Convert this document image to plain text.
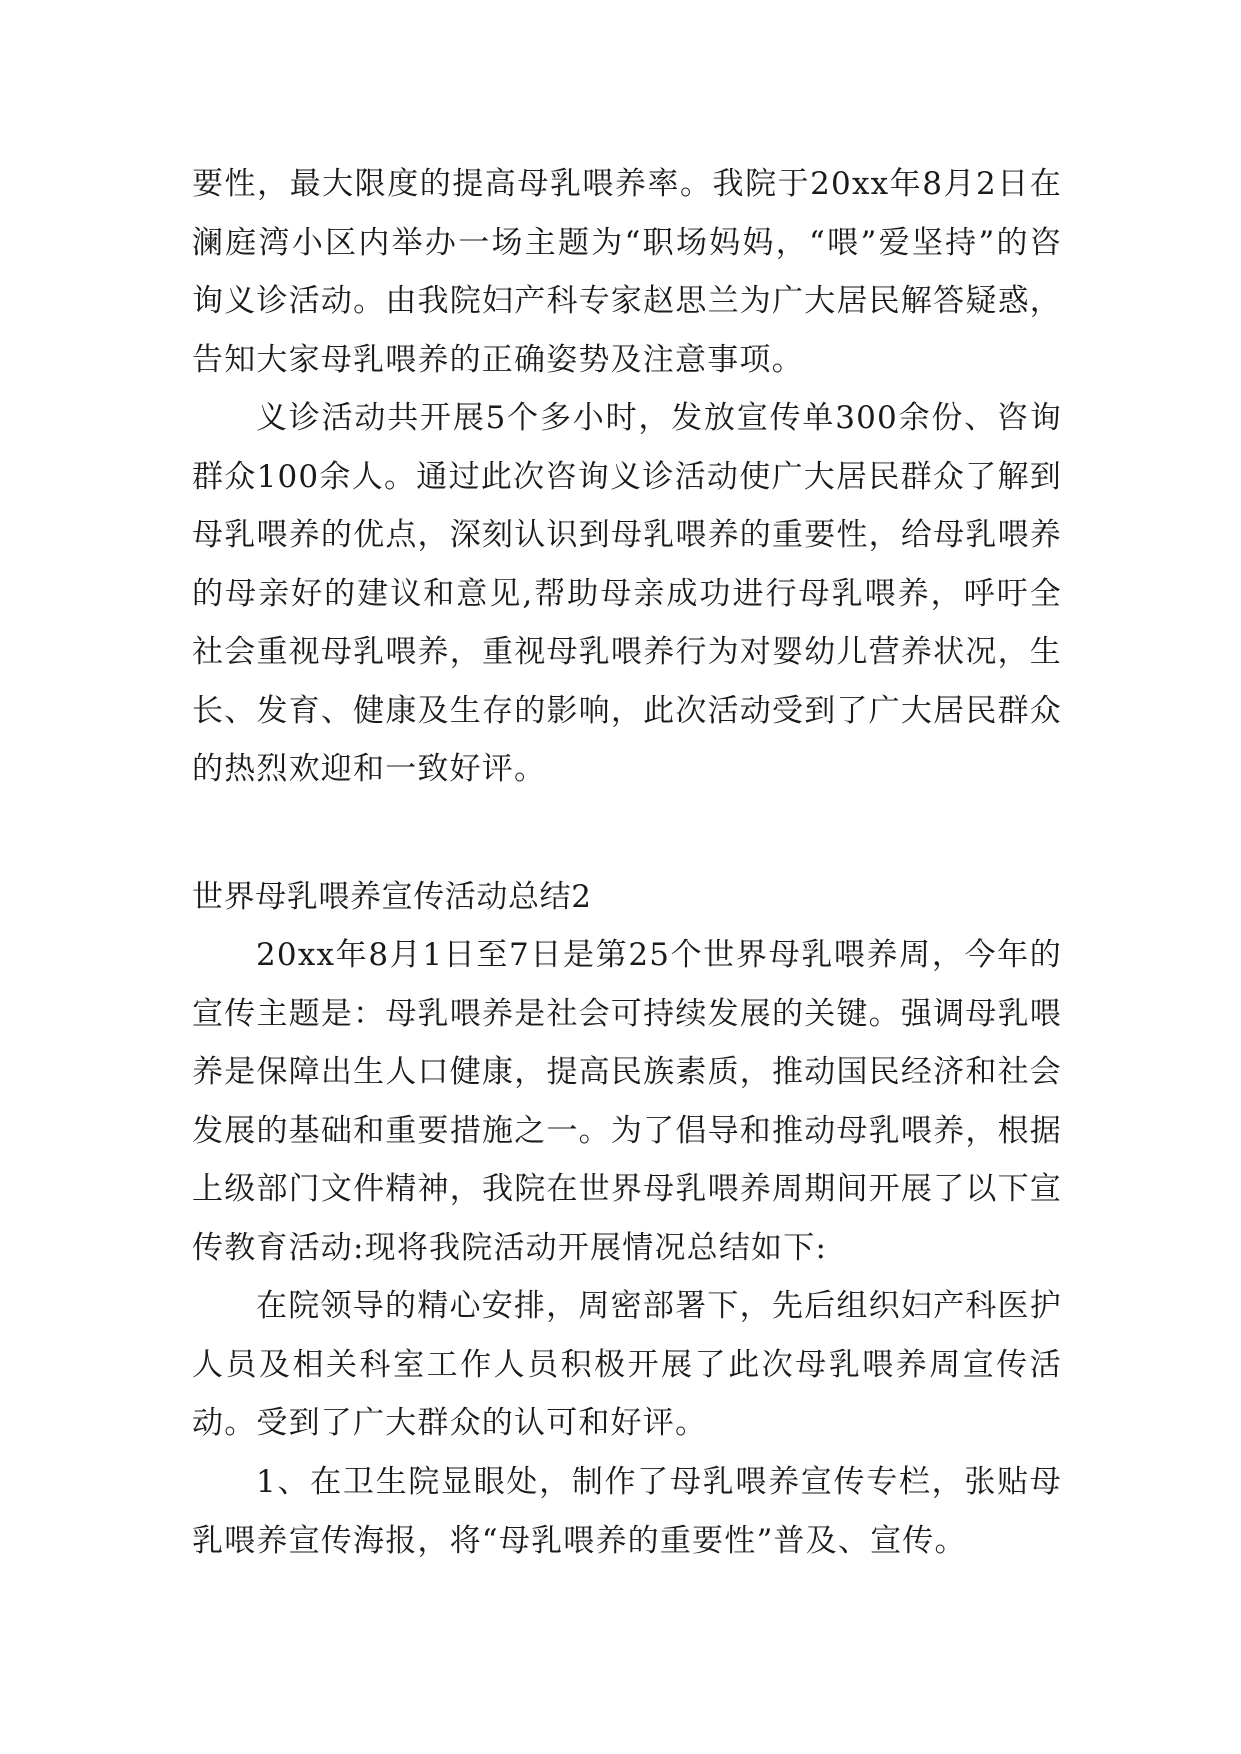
要性，最大限度的提高母乳喂养率。我院于20xx年8月2日在澜庭湾小区内举办一场主题为“职场妈妈，“喂”爱坚持”的咨询义诊活动。由我院妇产科专家赵思兰为广大居民解答疑惑，告知大家母乳喂养的正确姿势及注意事项。

义诊活动共开展5个多小时，发放宣传单300余份、咨询群众100余人。通过此次咨询义诊活动使广大居民群众了解到母乳喂养的优点，深刻认识到母乳喂养的重要性，给母乳喂养的母亲好的建议和意见,帮助母亲成功进行母乳喂养，呼吁全社会重视母乳喂养，重视母乳喂养行为对婴幼儿营养状况，生长、发育、健康及生存的影响，此次活动受到了广大居民群众的热烈欢迎和一致好评。

世界母乳喂养宣传活动总结2

20xx年8月1日至7日是第25个世界母乳喂养周，今年的宣传主题是：母乳喂养是社会可持续发展的关键。强调母乳喂养是保障出生人口健康，提高民族素质，推动国民经济和社会发展的基础和重要措施之一。为了倡导和推动母乳喂养，根据上级部门文件精神，我院在世界母乳喂养周期间开展了以下宣传教育活动:现将我院活动开展情况总结如下:

在院领导的精心安排，周密部署下，先后组织妇产科医护人员及相关科室工作人员积极开展了此次母乳喂养周宣传活动。受到了广大群众的认可和好评。

1、在卫生院显眼处，制作了母乳喂养宣传专栏，张贴母乳喂养宣传海报，将“母乳喂养的重要性”普及、宣传。
